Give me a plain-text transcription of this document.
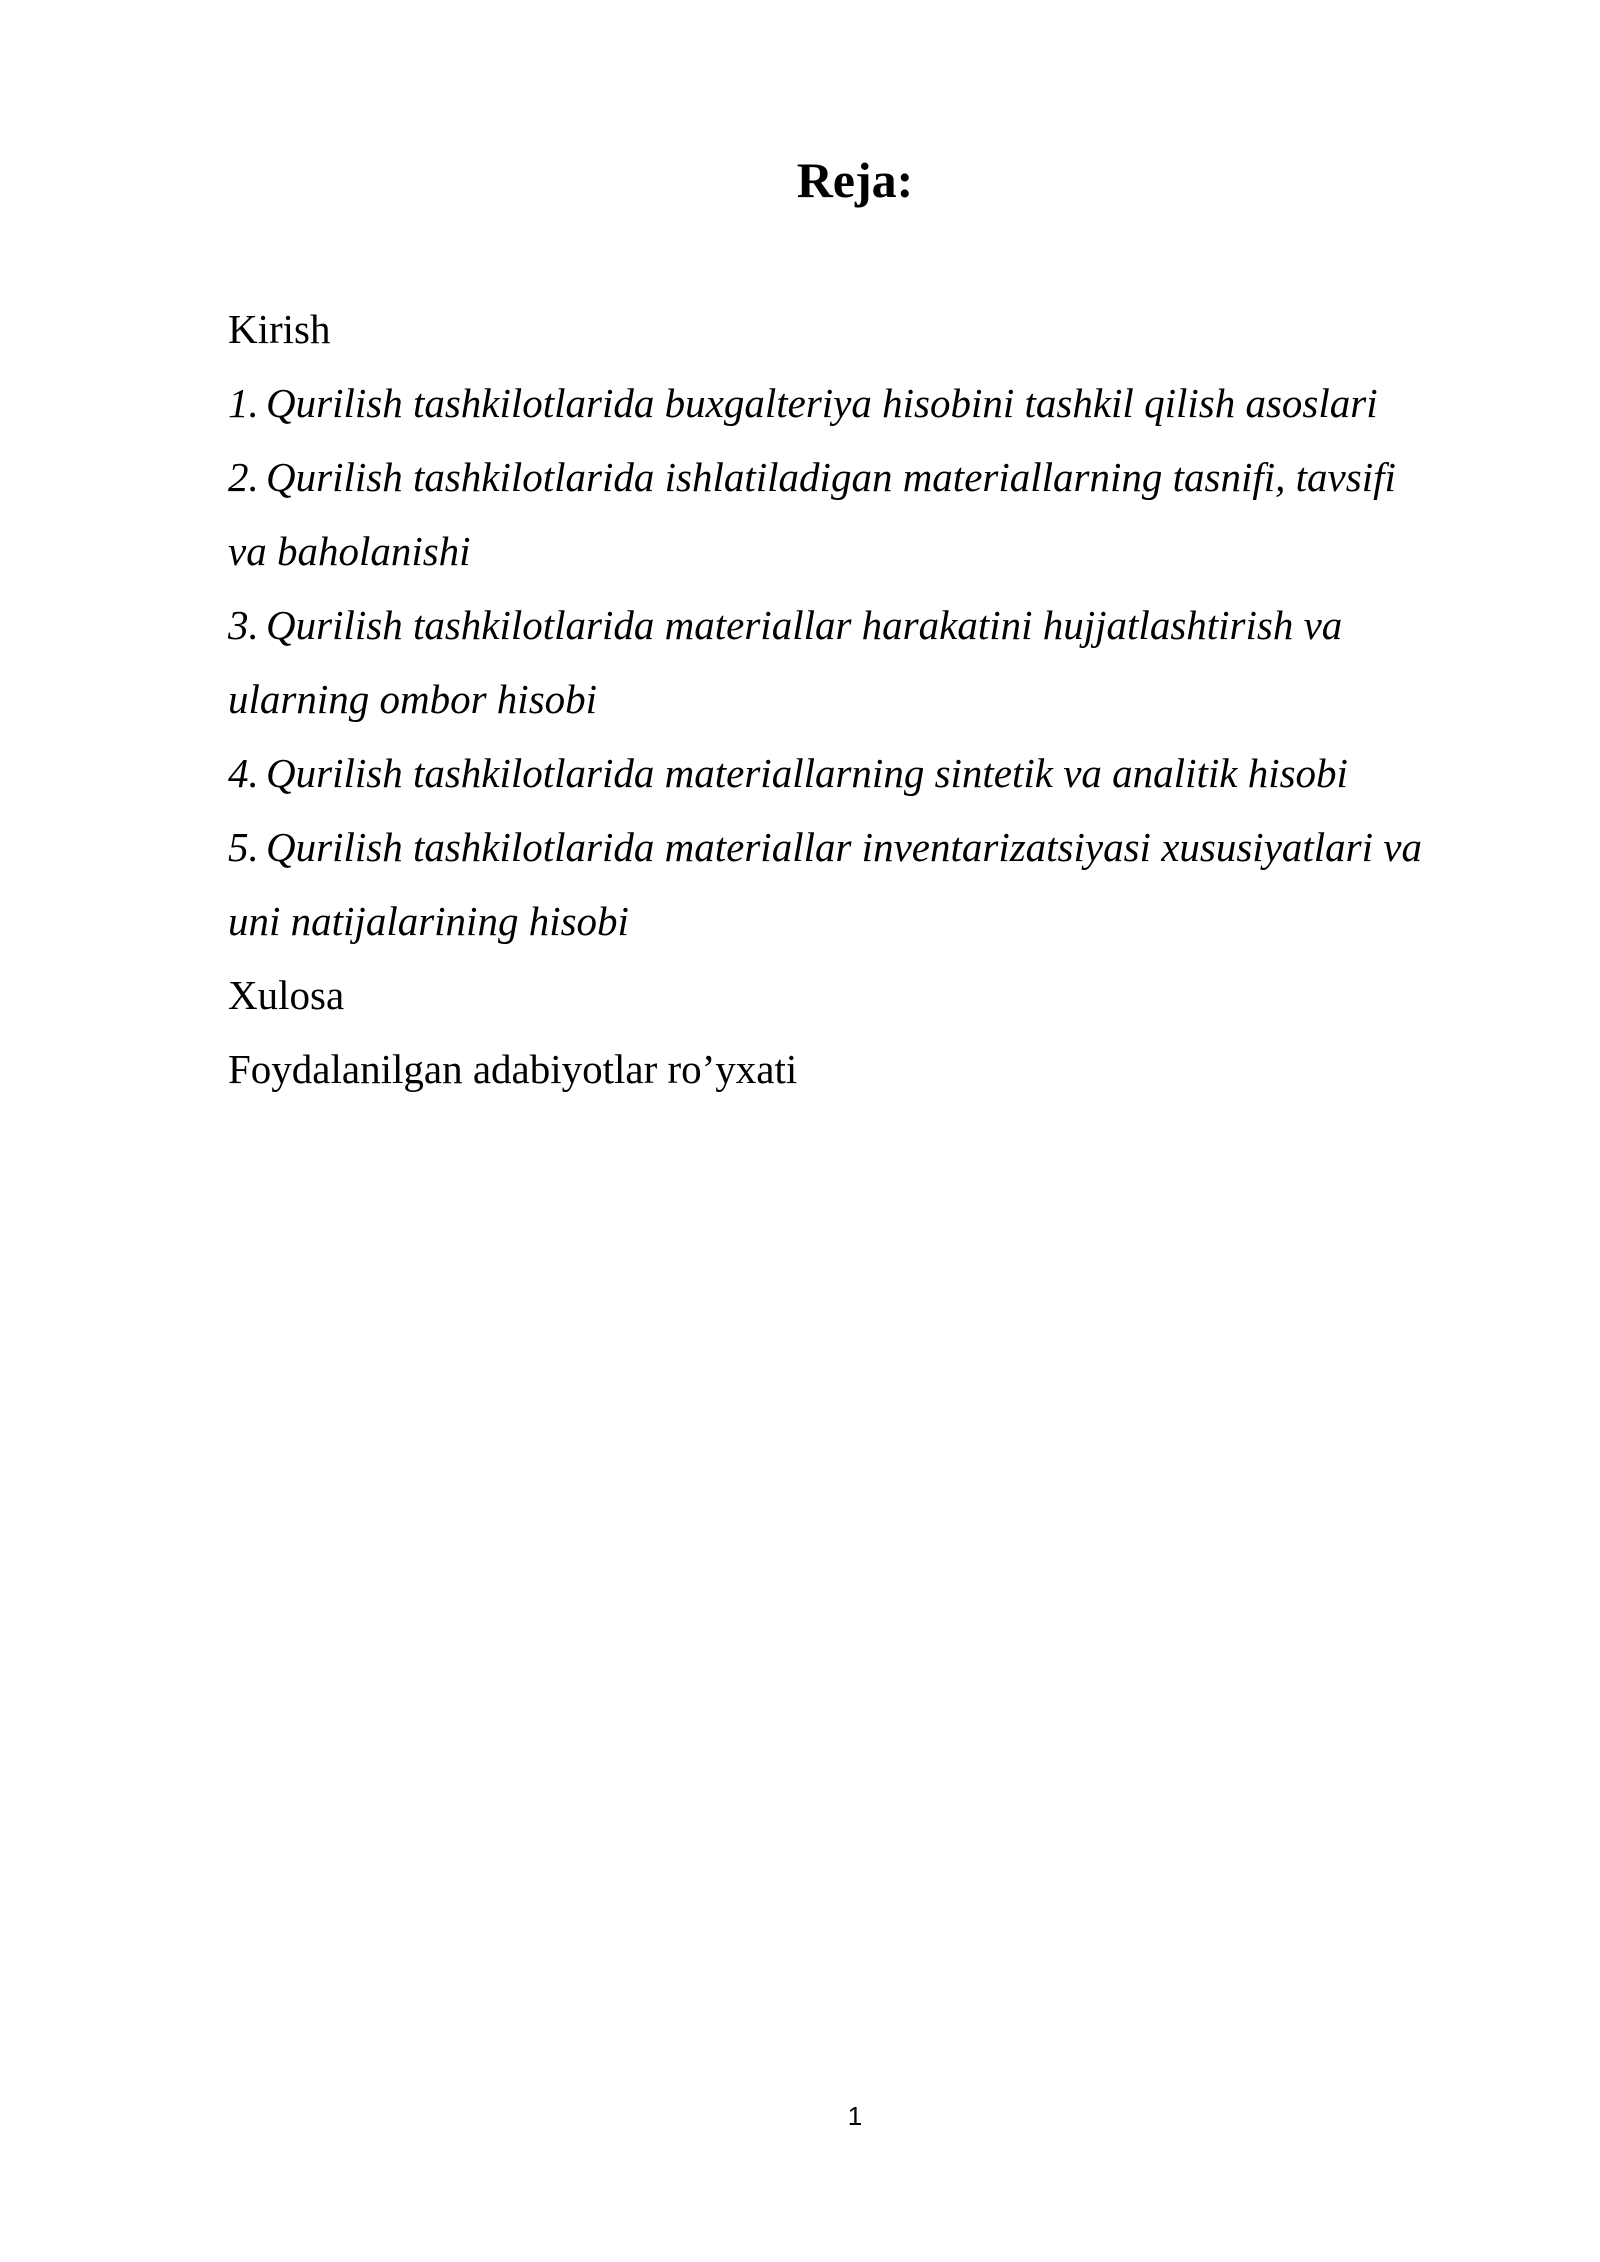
Reja:
Kirish
1. Qurilish tashkilotlarida buxgalteriya hisobini tashkil qilish asoslari
2. Qurilish tashkilotlarida ishlatiladigan materiallarning tasnifi, tavsifi
va baholanishi
3. Qurilish tashkilotlarida materiallar harakatini hujjatlashtirish va
ularning ombor hisobi
4. Qurilish tashkilotlarida materiallarning sintetik va analitik hisobi
5. Qurilish tashkilotlarida materiallar inventarizatsiyasi xususiyatlari va
uni natijalarining hisobi
Xulosa
Foydalanilgan adabiyotlar ro’yxati
1
